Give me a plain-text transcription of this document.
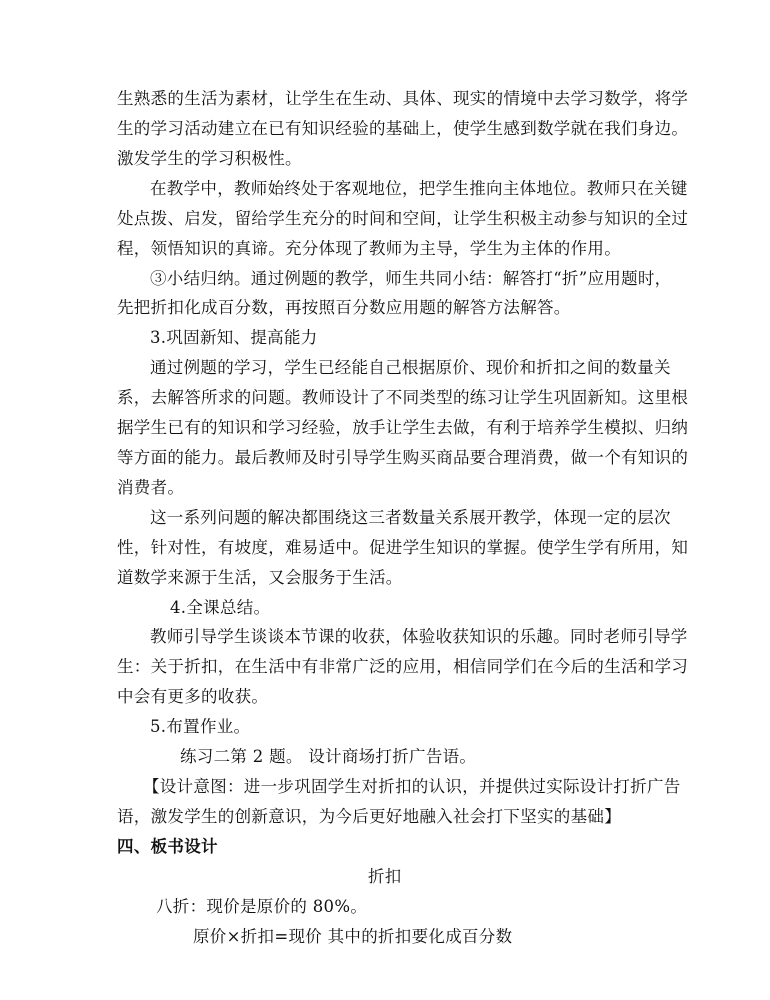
生熟悉的生活为素材，让学生在生动、具体、现实的情境中去学习数学，将学
生的学习活动建立在已有知识经验的基础上，使学生感到数学就在我们身边。
激发学生的学习积极性。
在教学中，教师始终处于客观地位，把学生推向主体地位。教师只在关键
处点拨、启发，留给学生充分的时间和空间，让学生积极主动参与知识的全过
程，领悟知识的真谛。充分体现了教师为主导，学生为主体的作用。
③小结归纳。通过例题的教学，师生共同小结：解答打“折”应用题时，
先把折扣化成百分数，再按照百分数应用题的解答方法解答。
3.巩固新知、提高能力
通过例题的学习，学生已经能自己根据原价、现价和折扣之间的数量关
系，去解答所求的问题。教师设计了不同类型的练习让学生巩固新知。这里根
据学生已有的知识和学习经验，放手让学生去做，有利于培养学生模拟、归纳
等方面的能力。最后教师及时引导学生购买商品要合理消费，做一个有知识的
消费者。
这一系列问题的解决都围绕这三者数量关系展开教学，体现一定的层次
性，针对性，有坡度，难易适中。促进学生知识的掌握。使学生学有所用，知
道数学来源于生活，又会服务于生活。
4.全课总结。
教师引导学生谈谈本节课的收获，体验收获知识的乐趣。同时老师引导学
生：关于折扣，在生活中有非常广泛的应用，相信同学们在今后的生活和学习
中会有更多的收获。
5.布置作业。
练习二第 2 题。 设计商场打折广告语。
【设计意图：进一步巩固学生对折扣的认识，并提供过实际设计打折广告
语，激发学生的创新意识，为今后更好地融入社会打下坚实的基础】
四、板书设计
折扣
八折：现价是原价的 80%。
原价×折扣=现价 其中的折扣要化成百分数
